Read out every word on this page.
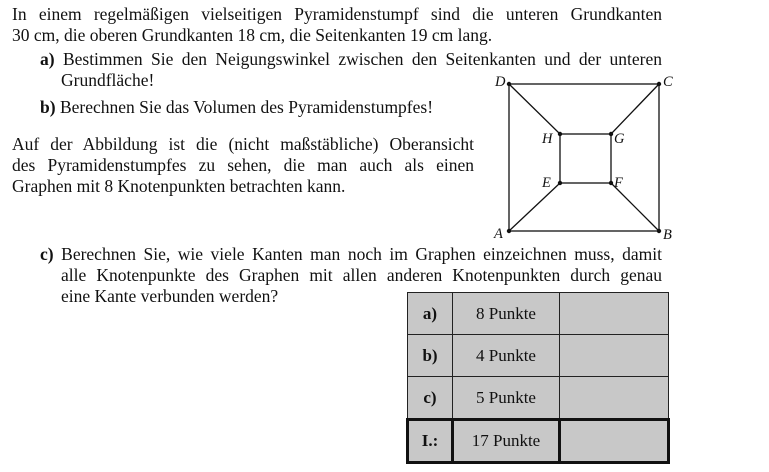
In einem regelmäßigen vielseitigen Pyramidenstumpf sind die unteren Grundkanten
30 cm, die oberen Grundkanten 18 cm, die Seitenkanten 19 cm lang.
a) Bestimmen Sie den Neigungswinkel zwischen den Seitenkanten und der unteren
Grundfläche!
b) Berechnen Sie das Volumen des Pyramidenstumpfes!
Auf der Abbildung ist die (nicht maßstäbliche) Oberansicht
des Pyramidenstumpfes zu sehen, die man auch als einen
Graphen mit 8 Knotenpunkten betrachten kann.
D	C
A	B
H	G
E	F
c) Berechnen Sie, wie viele Kanten man noch im Graphen einzeichnen muss, damit
alle Knotenpunkte des Graphen mit allen anderen Knotenpunkten durch genau
eine Kante verbunden werden?
a)	8 Punkte	
b)	4 Punkte	
c)	5 Punkte	
I.:	17 Punkte	
